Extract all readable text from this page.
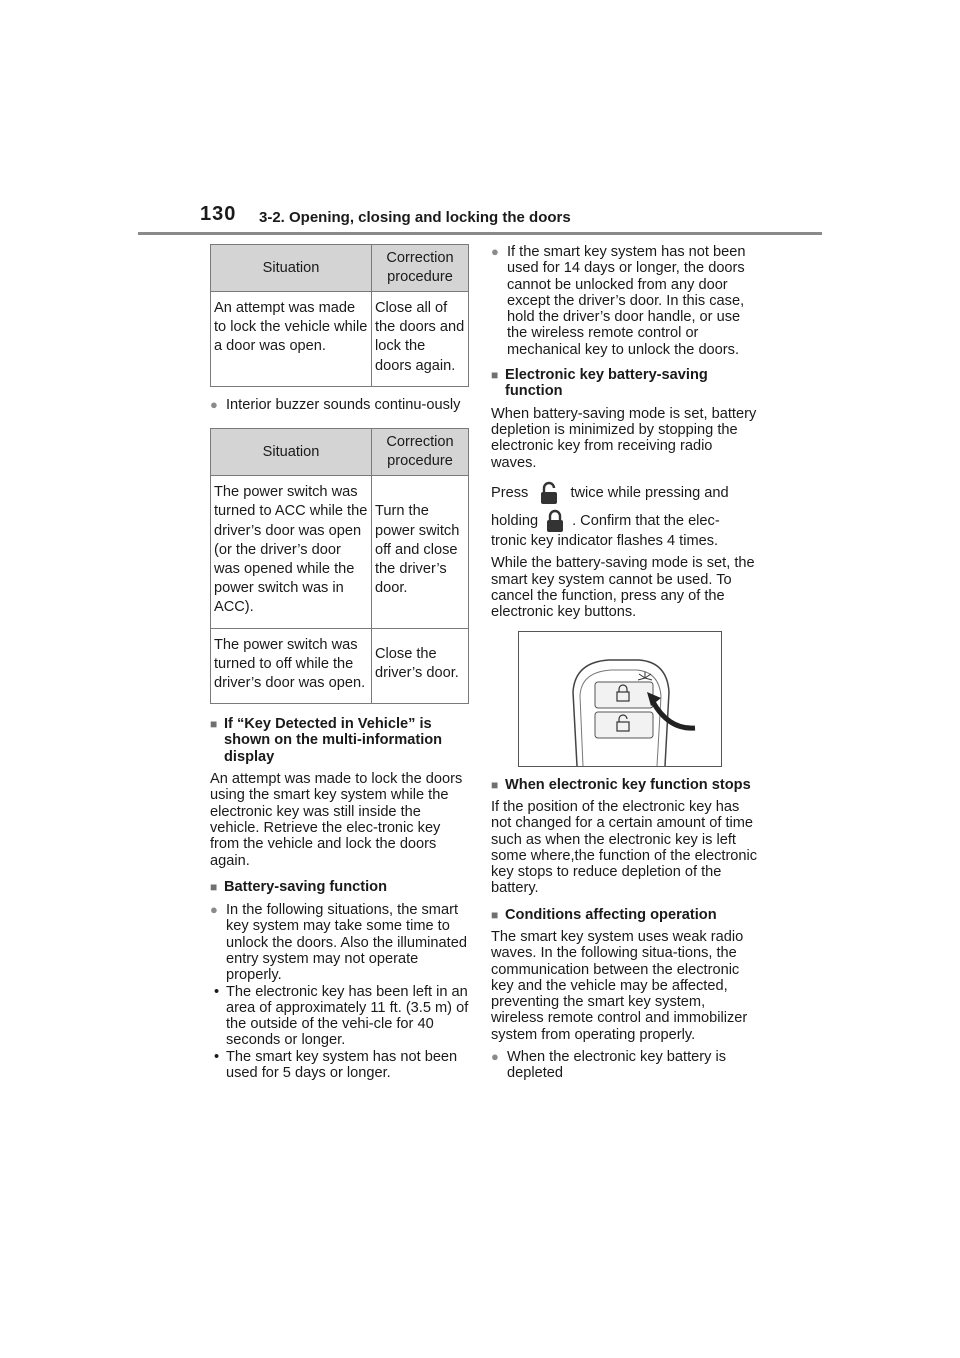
130 3-2. Opening, closing and locking the doors
Situation	Correction procedure
An attempt was made to lock the vehicle while a door was open.	Close all of the doors and lock the doors again.

● Interior buzzer sounds continu-ously

Situation	Correction procedure
The power switch was turned to ACC while the driver’s door was open (or the driver’s door was opened while the power switch was in ACC).	Turn the power switch off and close the driver’s door.
The power switch was turned to off while the driver’s door was open.	Close the driver’s door.

■ If “Key Detected in Vehicle” is shown on the multi-information display

An attempt was made to lock the doors using the smart key system while the electronic key was still inside the vehicle. Retrieve the elec-tronic key from the vehicle and lock the doors again.

■ Battery-saving function

● In the following situations, the smart key system may take some time to unlock the doors. Also the illuminated entry system may not operate properly.

• The electronic key has been left in an area of approximately 11 ft. (3.5 m) of the outside of the vehi-cle for 40 seconds or longer.

• The smart key system has not been used for 5 days or longer.

● If the smart key system has not been used for 14 days or longer, the doors cannot be unlocked from any door except the driver’s door. In this case, hold the driver’s door handle, or use the wireless remote control or mechanical key to unlock the doors.

■ Electronic key battery-saving function

When battery-saving mode is set, battery depletion is minimized by stopping the electronic key from receiving radio waves.

Press	twice while pressing and

holding . Confirm that the elec-

tronic key indicator flashes 4 times.

While the battery-saving mode is set, the smart key system cannot be used. To cancel the function, press any of the electronic key buttons.

■ When electronic key function stops

If the position of the electronic key has not changed for a certain amount of time such as when the electronic key is left some where,the function of the electronic key stops to reduce depletion of the battery.

■ Conditions affecting operation

The smart key system uses weak radio waves. In the following situa-tions, the communication between the electronic key and the vehicle may be affected, preventing the smart key system, wireless remote control and immobilizer system from operating properly.

● When the electronic key battery is depleted
